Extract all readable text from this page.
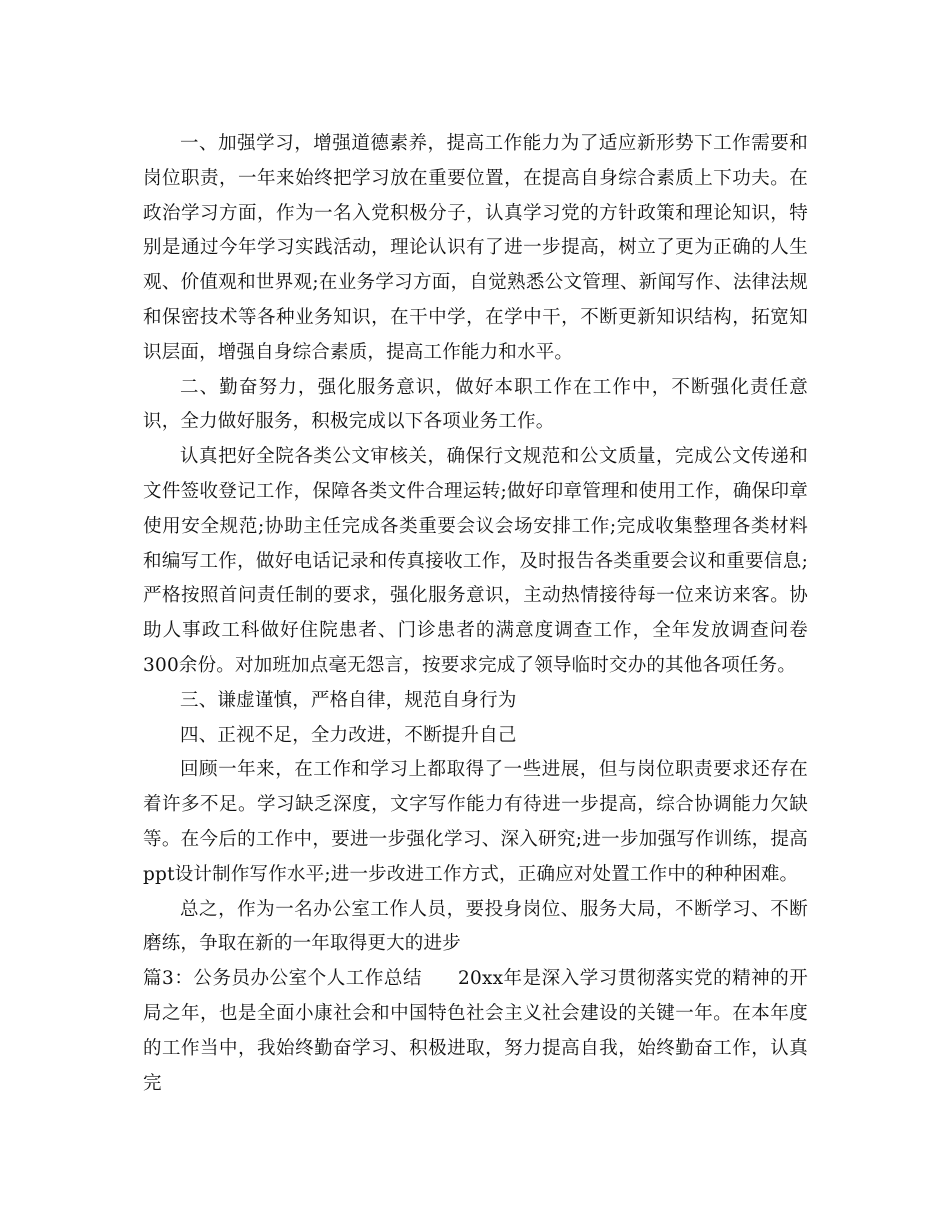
一、加强学习，增强道德素养，提高工作能力为了适应新形势下工作需要和岗位职责，一年来始终把学习放在重要位置，在提高自身综合素质上下功夫。在政治学习方面，作为一名入党积极分子，认真学习党的方针政策和理论知识，特别是通过今年学习实践活动，理论认识有了进一步提高，树立了更为正确的人生观、价值观和世界观;在业务学习方面，自觉熟悉公文管理、新闻写作、法律法规和保密技术等各种业务知识，在干中学，在学中干，不断更新知识结构，拓宽知识层面，增强自身综合素质，提高工作能力和水平。

二、勤奋努力，强化服务意识，做好本职工作在工作中，不断强化责任意识，全力做好服务，积极完成以下各项业务工作。

认真把好全院各类公文审核关，确保行文规范和公文质量，完成公文传递和文件签收登记工作，保障各类文件合理运转;做好印章管理和使用工作，确保印章使用安全规范;协助主任完成各类重要会议会场安排工作;完成收集整理各类材料和编写工作，做好电话记录和传真接收工作，及时报告各类重要会议和重要信息;严格按照首问责任制的要求，强化服务意识，主动热情接待每一位来访来客。协助人事政工科做好住院患者、门诊患者的满意度调查工作，全年发放调查问卷300余份。对加班加点毫无怨言，按要求完成了领导临时交办的其他各项任务。

三、谦虚谨慎，严格自律，规范自身行为

四、正视不足，全力改进，不断提升自己

回顾一年来，在工作和学习上都取得了一些进展，但与岗位职责要求还存在着许多不足。学习缺乏深度，文字写作能力有待进一步提高，综合协调能力欠缺等。在今后的工作中，要进一步强化学习、深入研究;进一步加强写作训练，提高ppt设计制作写作水平;进一步改进工作方式，正确应对处置工作中的种种困难。

总之，作为一名办公室工作人员，要投身岗位、服务大局，不断学习、不断磨练，争取在新的一年取得更大的进步

篇3：公务员办公室个人工作总结 20xx年是深入学习贯彻落实党的精神的开局之年，也是全面小康社会和中国特色社会主义社会建设的关键一年。在本年度的工作当中，我始终勤奋学习、积极进取，努力提高自我，始终勤奋工作，认真完
